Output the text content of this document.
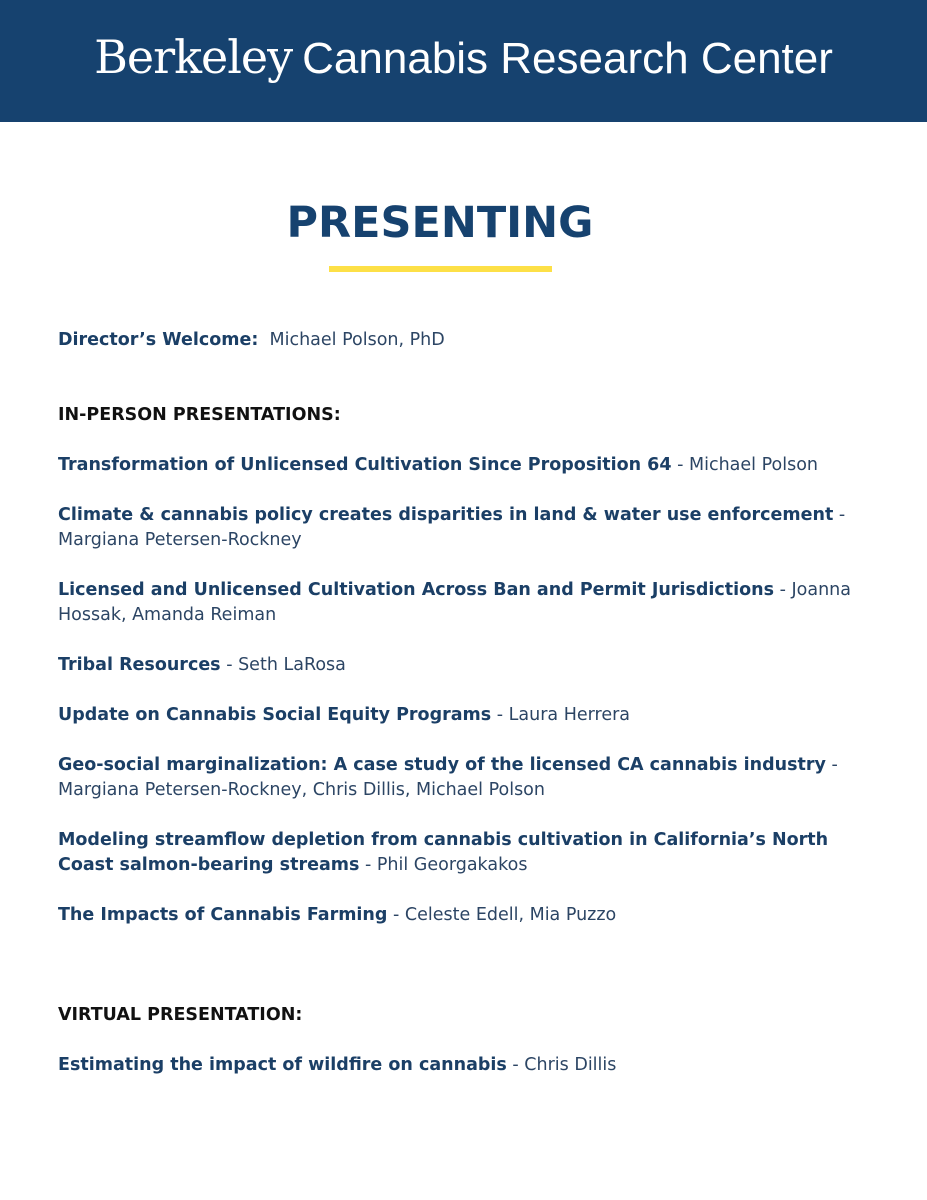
Berkeley Cannabis Research Center
PRESENTING
Director’s Welcome: Michael Polson, PhD
IN-PERSON PRESENTATIONS:
Transformation of Unlicensed Cultivation Since Proposition 64 - Michael Polson
Climate & cannabis policy creates disparities in land & water use enforcement - Margiana Petersen-Rockney
Licensed and Unlicensed Cultivation Across Ban and Permit Jurisdictions - Joanna Hossak, Amanda Reiman
Tribal Resources - Seth LaRosa
Update on Cannabis Social Equity Programs - Laura Herrera
Geo-social marginalization: A case study of the licensed CA cannabis industry - Margiana Petersen-Rockney, Chris Dillis, Michael Polson
Modeling streamflow depletion from cannabis cultivation in California’s North Coast salmon-bearing streams - Phil Georgakakos
The Impacts of Cannabis Farming - Celeste Edell, Mia Puzzo
VIRTUAL PRESENTATION:
Estimating the impact of wildfire on cannabis - Chris Dillis
